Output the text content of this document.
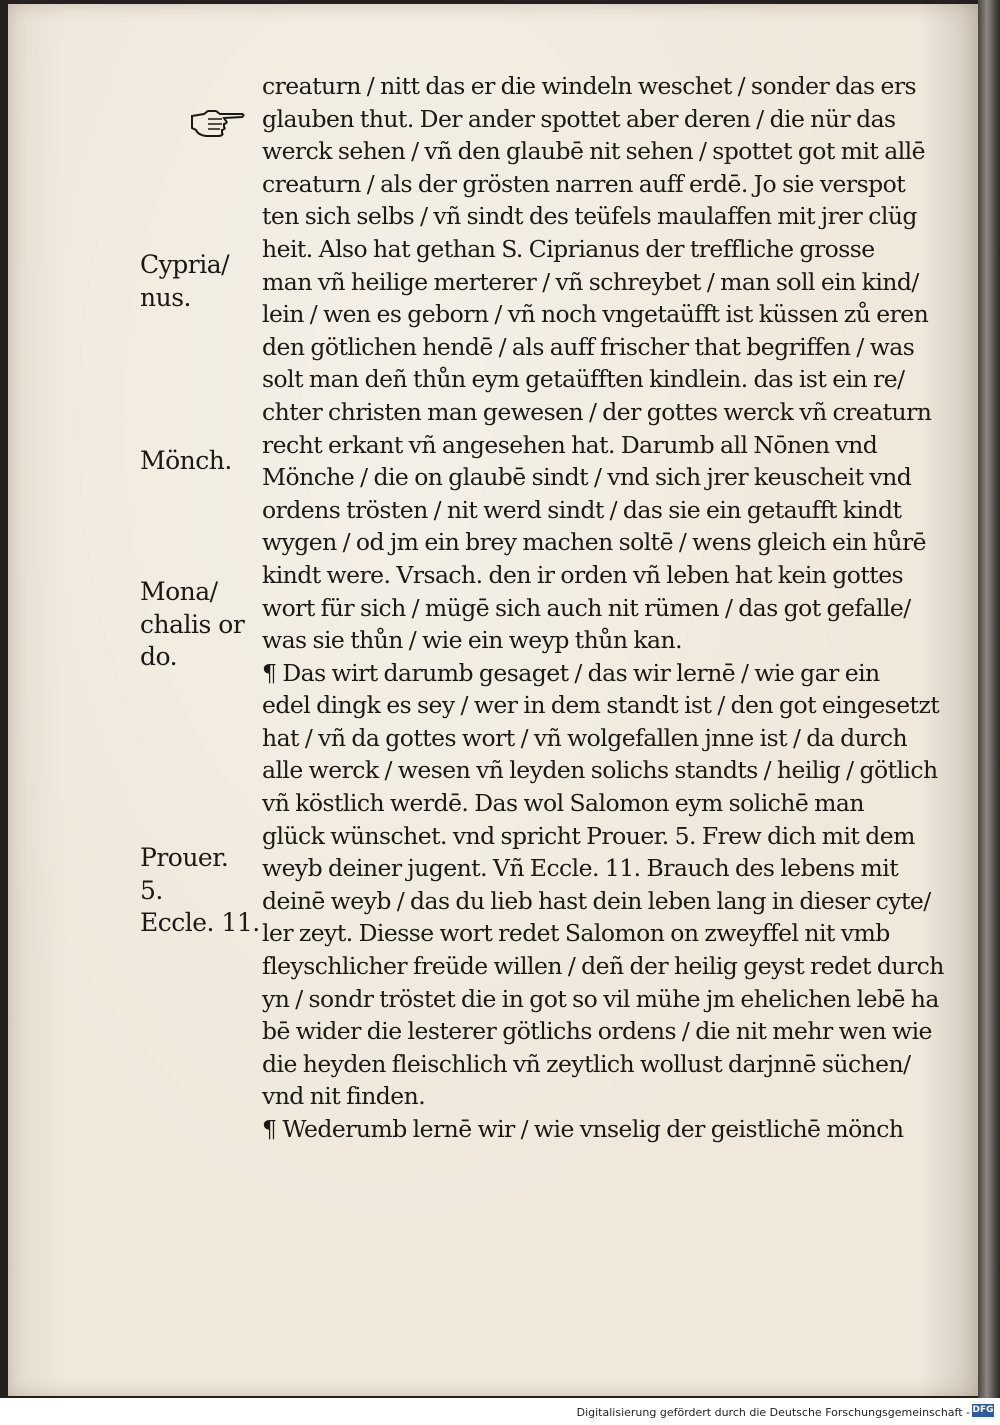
creaturn / nitt das er die windeln weschet / sonder das ers
glauben thut. Der ander spottet aber deren / die nür das
werck sehen / vñ den glaubē nit sehen / spottet got mit allē
creaturn / als der grösten narren auff erdē. Jo sie verspot
ten sich selbs / vñ sindt des teüfels maulaffen mit jrer clüg
heit. Also hat gethan S. Ciprianus der treffliche grosse
man vñ heilige merterer / vñ schreybet / man soll ein kind/
lein / wen es geborn / vñ noch vngetaüfft ist küssen zů eren
den götlichen hendē / als auff frischer that begriffen / was
solt man deñ thůn eym getaüfften kindlein. das ist ein re/
chter christen man gewesen / der gottes werck vñ creaturn
recht erkant vñ angesehen hat. Darumb all Nōnen vnd
Mönche / die on glaubē sindt / vnd sich jrer keuscheit vnd
ordens trösten / nit werd sindt / das sie ein getaufft kindt
wygen / od jm ein brey machen soltē / wens gleich ein hůrē
kindt were. Vrsach. den ir orden vñ leben hat kein gottes
wort für sich / mügē sich auch nit rümen / das got gefalle/
was sie thůn / wie ein weyp thůn kan.
¶ Das wirt darumb gesaget / das wir lernē / wie gar ein
edel dingk es sey / wer in dem standt ist / den got eingesetzt
hat / vñ da gottes wort / vñ wolgefallen jnne ist / da durch
alle werck / wesen vñ leyden solichs standts / heilig / götlich
vñ köstlich werdē. Das wol Salomon eym solichē man
glück wünschet. vnd spricht Prouer. 5. Frew dich mit dem
weyb deiner jugent. Vñ Eccle. 11. Brauch des lebens mit
deinē weyb / das du lieb hast dein leben lang in dieser cyte/
ler zeyt. Diesse wort redet Salomon on zweyffel nit vmb
fleyschlicher freüde willen / deñ der heilig geyst redet durch
yn / sondr tröstet die in got so vil mühe jm ehelichen lebē ha
bē wider die lesterer götlichs ordens / die nit mehr wen wie
die heyden fleischlich vñ zeytlich wollust darjnnē süchen/
vnd nit finden.
¶ Wederumb lernē wir / wie vnselig der geistlichē mönch
Cypria/
nus.
Mönch.
Mona/
chalis or
do.
Prouer.
5.
Eccle. 11.
Digitalisierung gefördert durch die Deutsche Forschungsgemeinschaft - DFG
